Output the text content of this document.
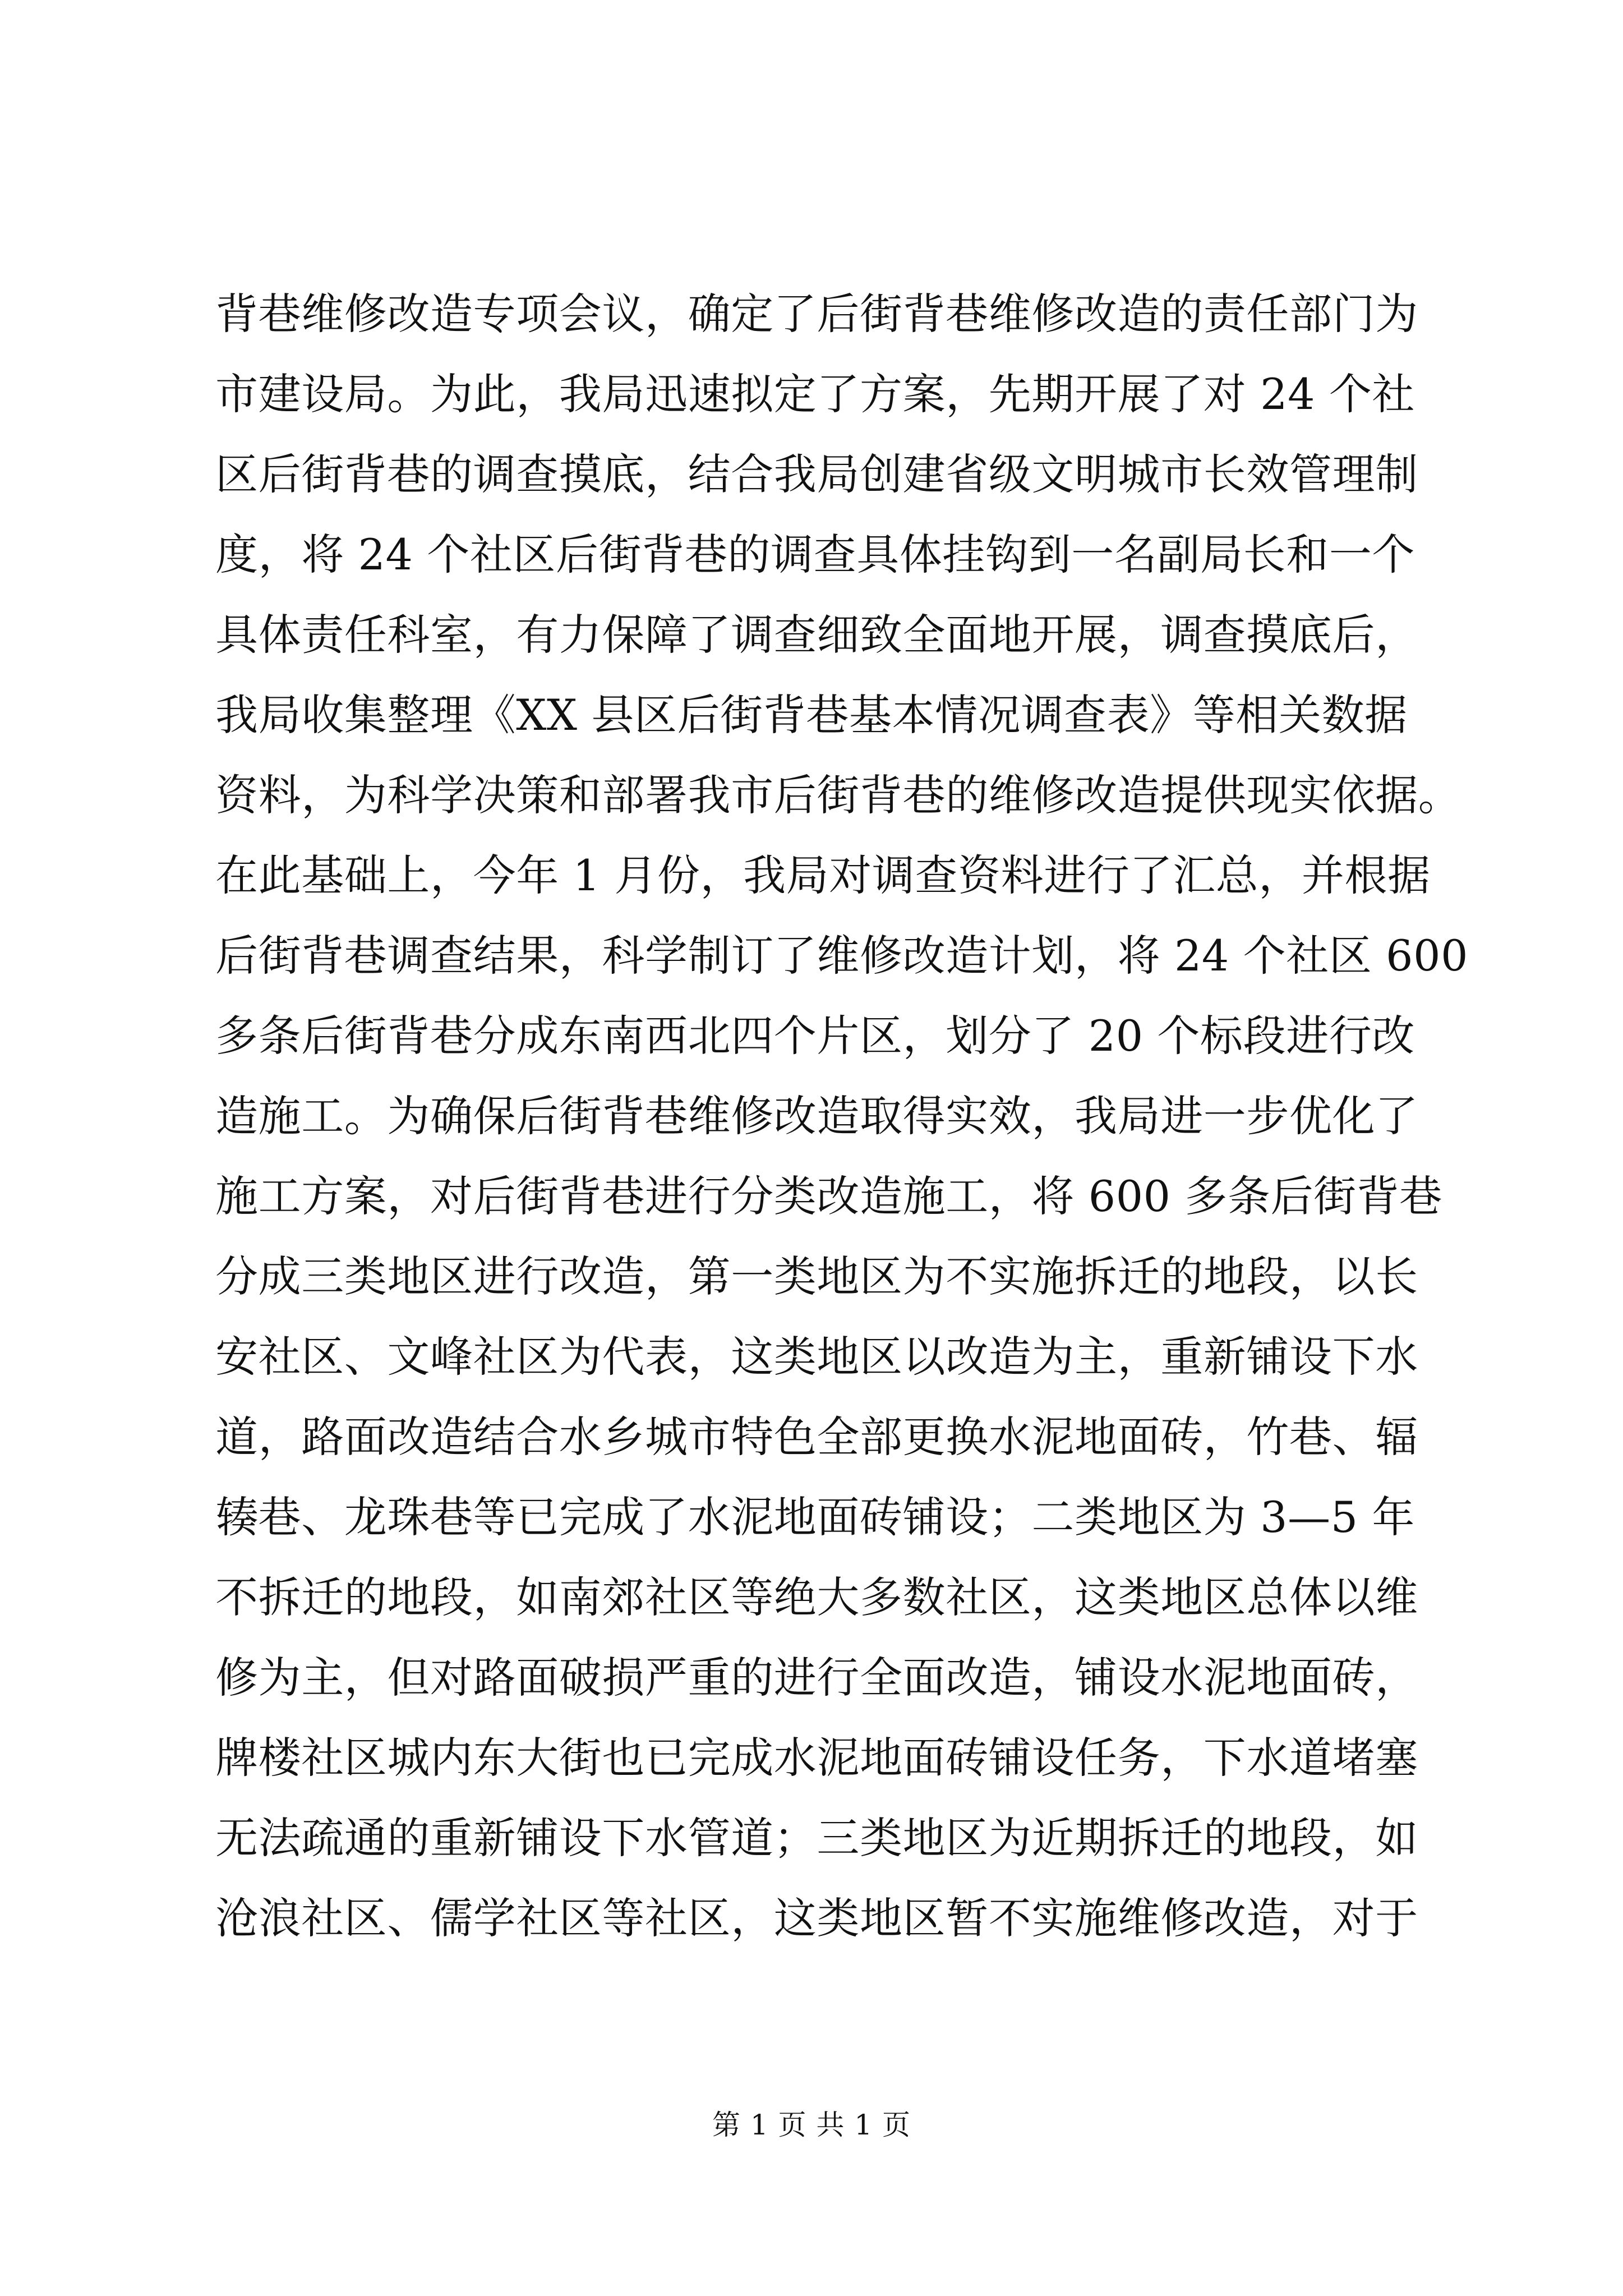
背巷维修改造专项会议，确定了后街背巷维修改造的责任部门为
市建设局。为此，我局迅速拟定了方案，先期开展了对 24 个社
区后街背巷的调查摸底，结合我局创建省级文明城市长效管理制
度，将 24 个社区后街背巷的调查具体挂钩到一名副局长和一个
具体责任科室，有力保障了调查细致全面地开展，调查摸底后，
我局收集整理《XX 县区后街背巷基本情况调查表》等相关数据
资料，为科学决策和部署我市后街背巷的维修改造提供现实依据。
在此基础上，今年 1 月份，我局对调查资料进行了汇总，并根据
后街背巷调查结果，科学制订了维修改造计划，将 24 个社区 600
多条后街背巷分成东南西北四个片区，划分了 20 个标段进行改
造施工。为确保后街背巷维修改造取得实效，我局进一步优化了
施工方案，对后街背巷进行分类改造施工，将 600 多条后街背巷
分成三类地区进行改造，第一类地区为不实施拆迁的地段，以长
安社区、文峰社区为代表，这类地区以改造为主，重新铺设下水
道，路面改造结合水乡城市特色全部更换水泥地面砖，竹巷、辐
辏巷、龙珠巷等已完成了水泥地面砖铺设；二类地区为 3—5 年
不拆迁的地段，如南郊社区等绝大多数社区，这类地区总体以维
修为主，但对路面破损严重的进行全面改造，铺设水泥地面砖，
牌楼社区城内东大街也已完成水泥地面砖铺设任务，下水道堵塞
无法疏通的重新铺设下水管道；三类地区为近期拆迁的地段，如
沧浪社区、儒学社区等社区，这类地区暂不实施维修改造，对于
第 1 页 共 1 页
